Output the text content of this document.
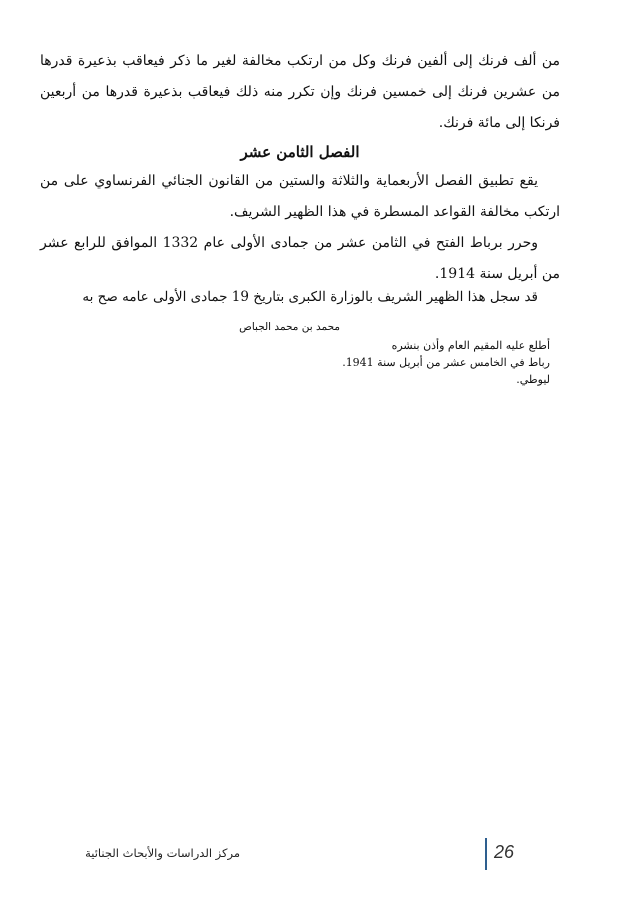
من ألف فرنك إلى ألفين فرنك وكل من ارتكب مخالفة لغير ما ذكر فيعاقب بذعيرة قدرها من عشرين فرنك إلى خمسين فرنك وإن تكرر منه ذلك فيعاقب بذعيرة قدرها من أربعين فرنكا إلى مائة فرنك.

الفصل الثامن عشر

يقع تطبيق الفصل الأربعماية والثلاثة والستين من القانون الجنائي الفرنساوي على من ارتكب مخالفة القواعد المسطرة في هذا الظهير الشريف.

وحرر برباط الفتح في الثامن عشر من جمادى الأولى عام 1332 الموافق للرابع عشر من أبريل سنة 1914.

قد سجل هذا الظهير الشريف بالوزارة الكبرى بتاريخ 19 جمادى الأولى عامه صح به

محمد بن محمد الجباص

أطلع عليه المقيم العام وأذن بنشره
رباط في الخامس عشر من أبريل سنة 1941.
ليوطي.

26

مركز الدراسات والأبحاث الجنائية
